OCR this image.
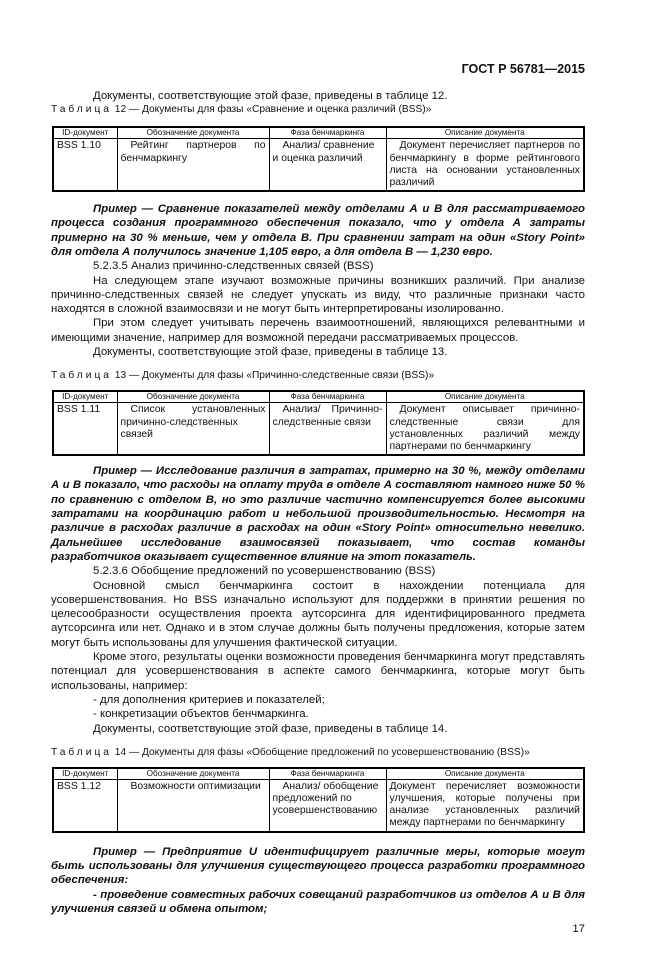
ГОСТ Р 56781—2015

Документы, соответствующие этой фазе, приведены в таблице 12.

Таблица 12 — Документы для фазы «Сравнение и оценка различий (BSS)»

ID-документ	Обозначение документа	Фаза бенчмаркинга	Описание документа
BSS 1.10	Рейтинг партнеров по бенчмаркингу	Анализ/ сравнение и оценка различий	Документ перечисляет партнеров по бенчмаркингу в форме рейтингового листа на основании установленных различий

Пример — Сравнение показателей между отделами А и В для рассматриваемого процесса создания программного обеспечения показало, что у отдела А затраты примерно на 30 % меньше, чем у отдела В. При сравнении затрат на один «Story Point» для отдела А получилось значение 1,105 евро, а для отдела В — 1,230 евро.

5.2.3.5 Анализ причинно-следственных связей (BSS)

На следующем этапе изучают возможные причины возникших различий. При анализе причинно-следственных связей не следует упускать из виду, что различные признаки часто находятся в сложной взаимосвязи и не могут быть интерпретированы изолированно.

При этом следует учитывать перечень взаимоотношений, являющихся релевантными и имеющими значение, например для возможной передачи рассматриваемых процессов.

Документы, соответствующие этой фазе, приведены в таблице 13.

Таблица 13 — Документы для фазы «Причинно-следственные связи (BSS)»

ID-документ	Обозначение документа	Фаза бенчмаркинга	Описание документа
BSS 1.11	Список установленных причинно-следственных связей	Анализ/ Причинно-следственные связи	Документ описывает причинно-следственные связи для установленных различий между партнерами по бенчмаркингу

Пример — Исследование различия в затратах, примерно на 30 %, между отделами А и В показало, что расходы на оплату труда в отделе А составляют намного ниже 50 % по сравнению с отделом В, но это различие частично компенсируется более высокими затратами на координацию работ и небольшой производительностью. Несмотря на различие в расходах различие в расходах на один «Story Point» относительно невелико. Дальнейшее исследование взаимосвязей показывает, что состав команды разработчиков оказывает существенное влияние на этот показатель.

5.2.3.6 Обобщение предложений по усовершенствованию (BSS)

Основной смысл бенчмаркинга состоит в нахождении потенциала для усовершенствования. Но BSS изначально используют для поддержки в принятии решения по целесообразности осуществления проекта аутсорсинга для идентифицированного предмета аутсорсинга или нет. Однако и в этом случае должны быть получены предложения, которые затем могут быть использованы для улучшения фактической ситуации.

Кроме этого, результаты оценки возможности проведения бенчмаркинга могут представлять потенциал для усовершенствования в аспекте самого бенчмаркинга, которые могут быть использованы, например:

- для дополнения критериев и показателей;

- конкретизации объектов бенчмаркинга.

Документы, соответствующие этой фазе, приведены в таблице 14.

Таблица 14 — Документы для фазы «Обобщение предложений по усовершенствованию (BSS)»

ID-документ	Обозначение документа	Фаза бенчмаркинга	Описание документа
BSS 1.12	Возможности оптимизации	Анализ/ обобщение предложений по усовершенствованию	Документ перечисляет возможности улучшения, которые получены при анализе установленных различий между партнерами по бенчмаркингу

Пример — Предприятие U идентифицирует различные меры, которые могут быть использованы для улучшения существующего процесса разработки программного обеспечения:

- проведение совместных рабочих совещаний разработчиков из отделов А и В для улучшения связей и обмена опытом;

17
